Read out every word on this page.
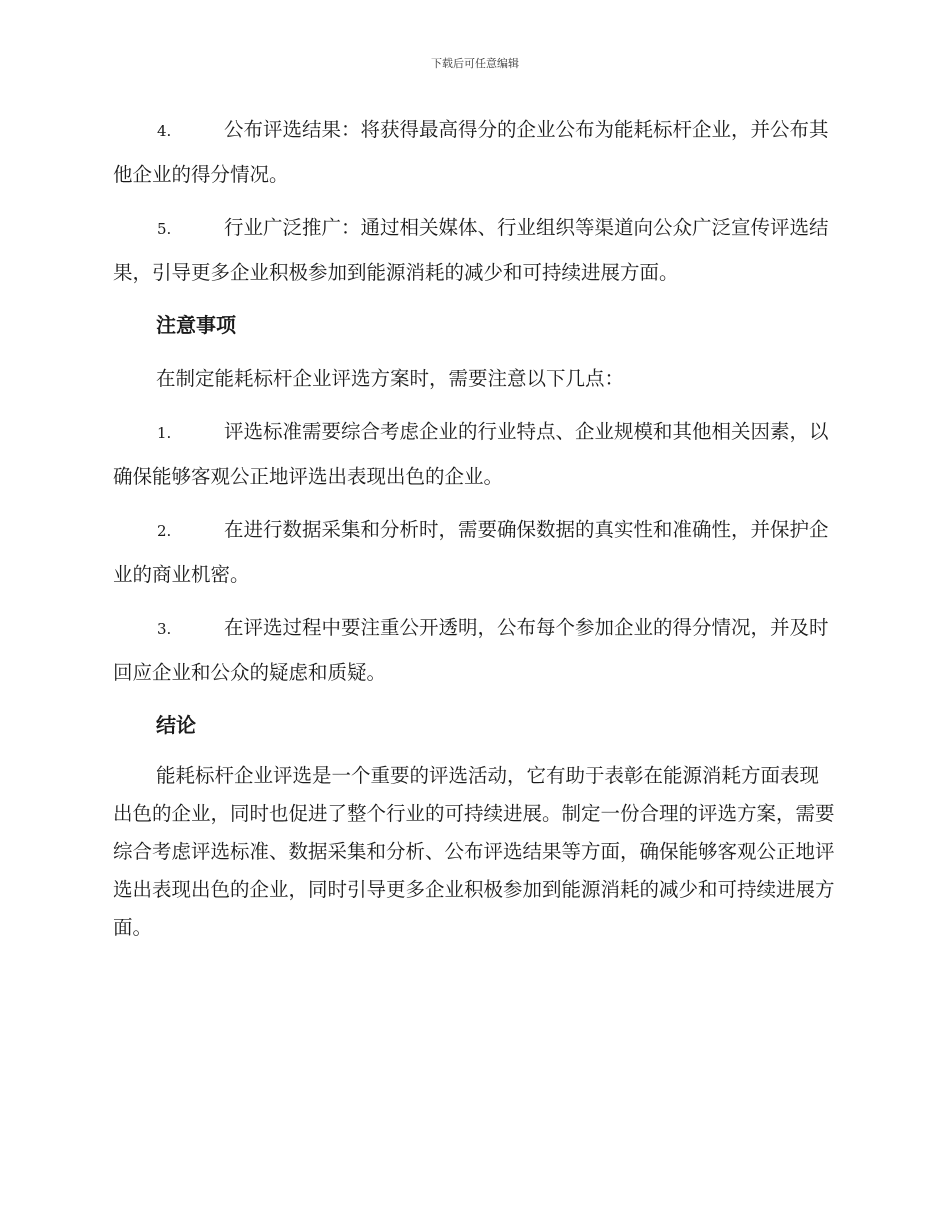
下载后可任意编辑

4.	公布评选结果：将获得最高得分的企业公布为能耗标杆企业，并公布其他企业的得分情况。

5.	行业广泛推广：通过相关媒体、行业组织等渠道向公众广泛宣传评选结果，引导更多企业积极参加到能源消耗的减少和可持续进展方面。

注意事项

在制定能耗标杆企业评选方案时，需要注意以下几点：

1.	评选标准需要综合考虑企业的行业特点、企业规模和其他相关因素，以确保能够客观公正地评选出表现出色的企业。

2.	在进行数据采集和分析时，需要确保数据的真实性和准确性，并保护企业的商业机密。

3.	在评选过程中要注重公开透明，公布每个参加企业的得分情况，并及时回应企业和公众的疑虑和质疑。

结论

能耗标杆企业评选是一个重要的评选活动，它有助于表彰在能源消耗方面表现出色的企业，同时也促进了整个行业的可持续进展。制定一份合理的评选方案，需要综合考虑评选标准、数据采集和分析、公布评选结果等方面，确保能够客观公正地评选出表现出色的企业，同时引导更多企业积极参加到能源消耗的减少和可持续进展方面。
